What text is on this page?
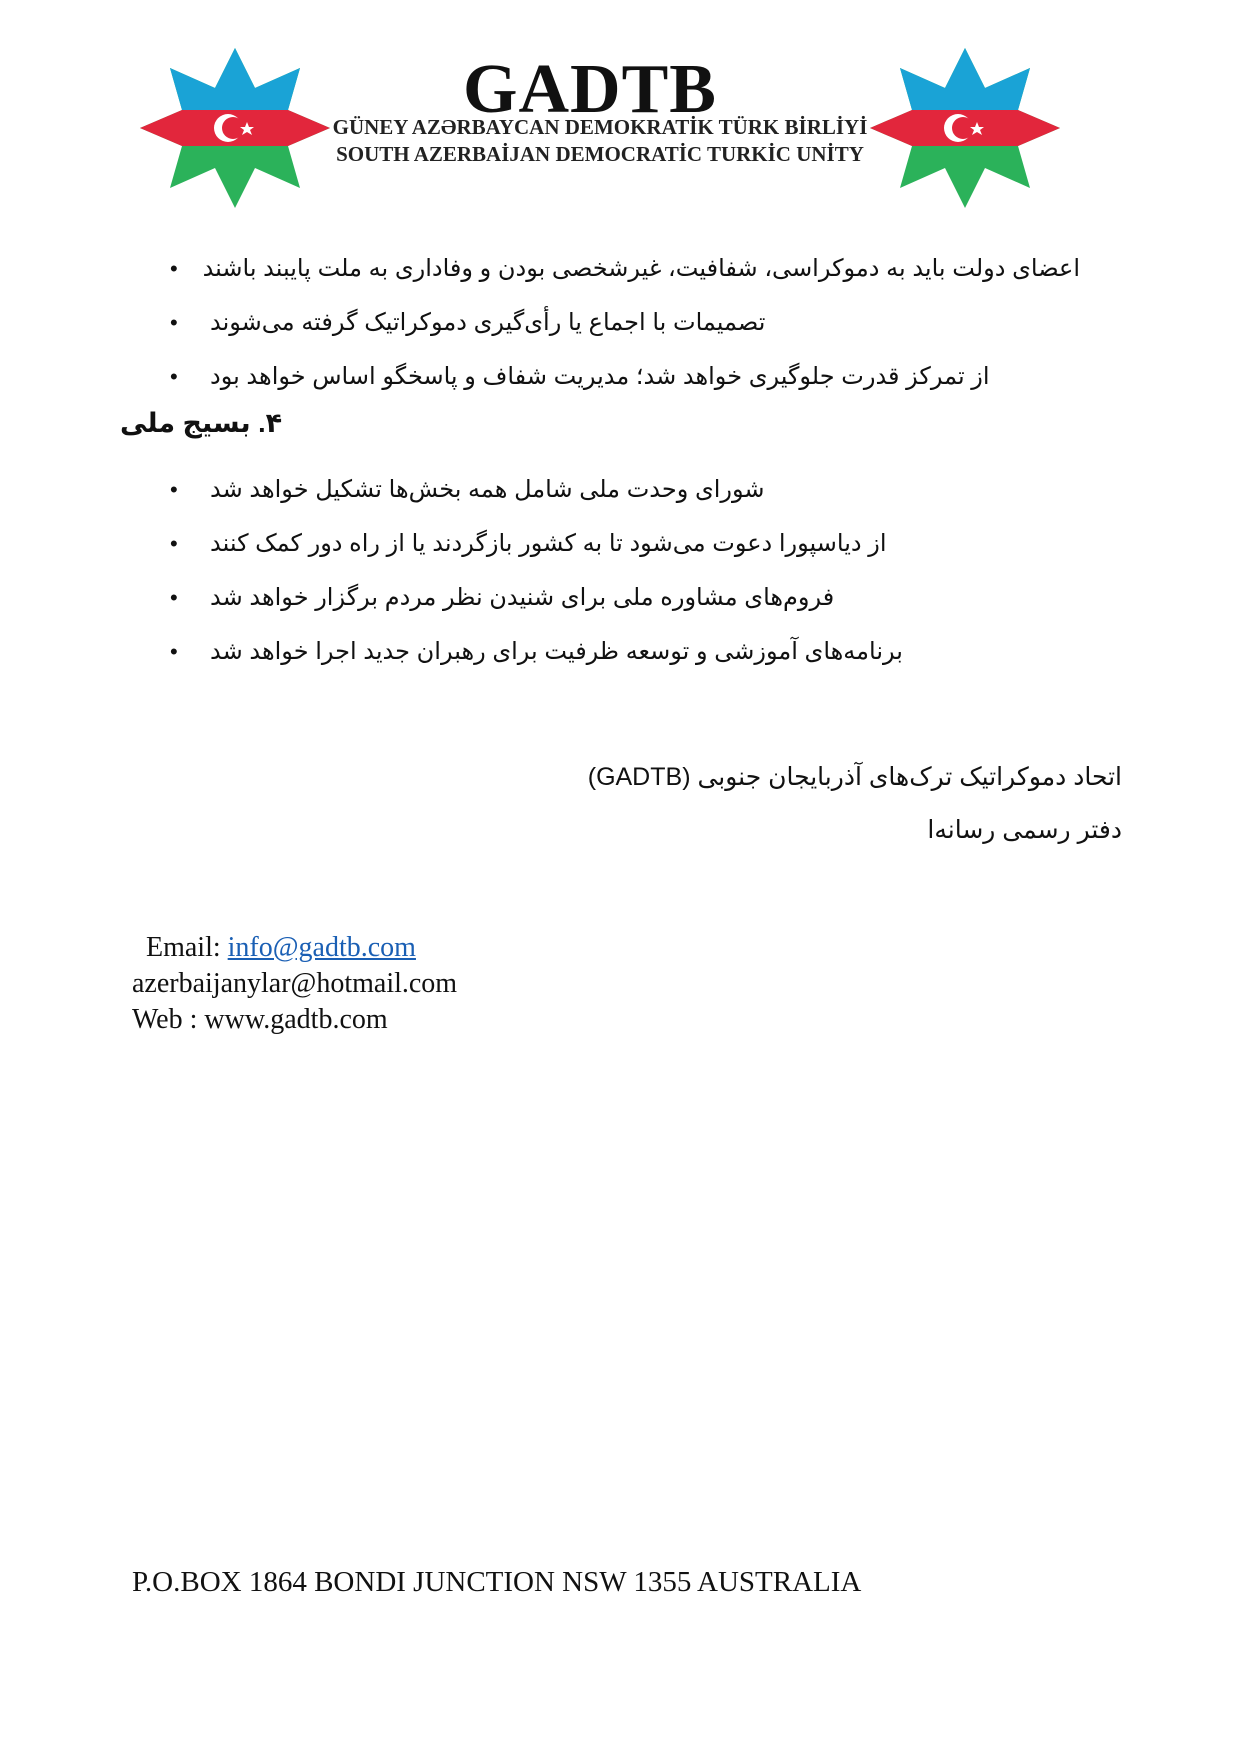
GADTB
GÜNEY AZƏRBAYCAN DEMOKRATİK TÜRK BİRLİYİ
SOUTH AZERBAİJAN DEMOCRATİC TURKİC UNİTY
• اعضای دولت باید به دموکراسی، شفافیت، غیرشخصی بودن و وفاداری به ملت پایبند باشند
• تصمیمات با اجماع یا رأی‌گیری دموکراتیک گرفته می‌شوند
• از تمرکز قدرت جلوگیری خواهد شد؛ مدیریت شفاف و پاسخگو اساس خواهد بود
۴. بسیج ملی
• شورای وحدت ملی شامل همه بخش‌ها تشکیل خواهد شد
• از دیاسپورا دعوت می‌شود تا به کشور بازگردند یا از راه دور کمک کنند
• فروم‌های مشاوره ملی برای شنیدن نظر مردم برگزار خواهد شد
• برنامه‌های آموزشی و توسعه ظرفیت برای رهبران جدید اجرا خواهد شد
اتحاد دموکراتیک ترک‌های آذربایجان جنوبی (GADTB)
دفتر رسمی رسانه‌ا
Email: info@gadtb.com
azerbaijanylar@hotmail.com
Web : www.gadtb.com
P.O.BOX 1864 BONDI JUNCTION NSW 1355 AUSTRALIA
